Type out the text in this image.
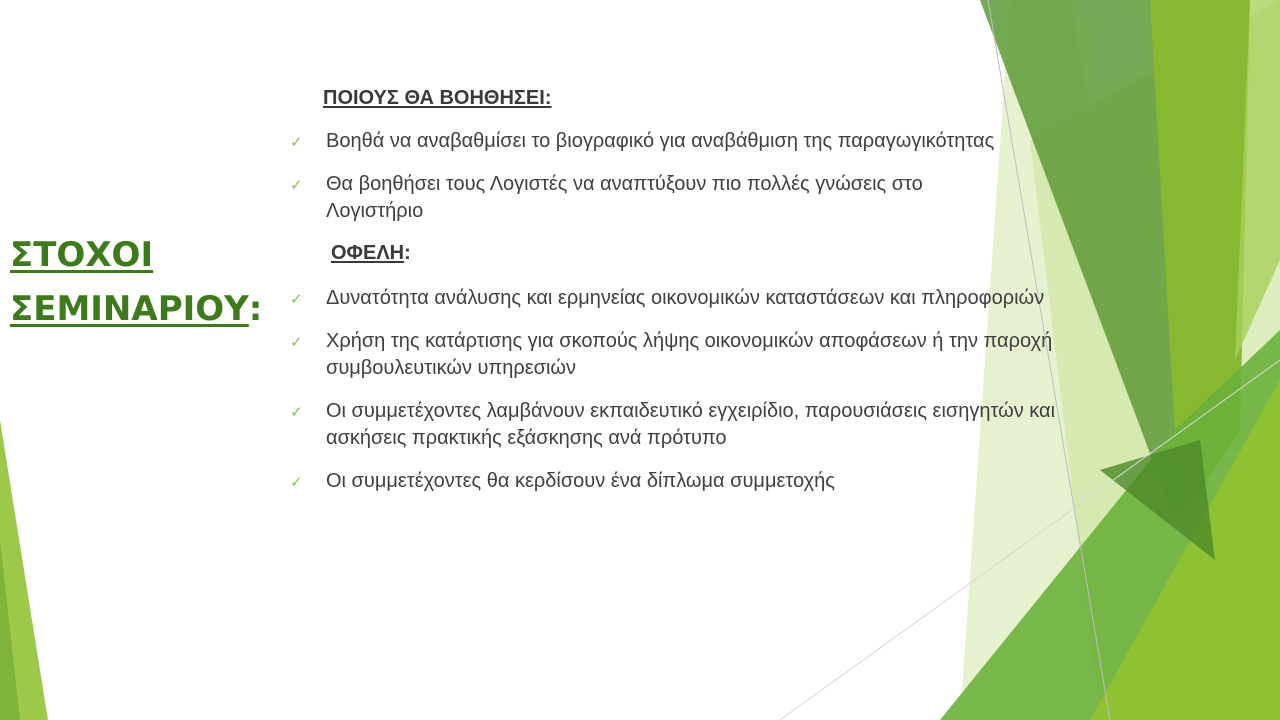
ΣΤΟΧΟΙ
ΣΕΜΙΝΑΡΙΟΥ:
ΠΟΙΟΥΣ ΘΑ ΒΟΗΘΗΣΕΙ:
✓ Βοηθά να αναβαθμίσει το βιογραφικό για αναβάθμιση της παραγωγικότητας
✓ Θα βοηθήσει τους Λογιστές να αναπτύξουν πιο πολλές γνώσεις στο Λογιστήριο
ΟΦΕΛΗ:
✓ Δυνατότητα ανάλυσης και ερμηνείας οικονομικών καταστάσεων και πληροφοριών
✓ Χρήση της κατάρτισης για σκοπούς λήψης οικονομικών αποφάσεων ή την παροχή συμβουλευτικών υπηρεσιών
✓ Οι συμμετέχοντες λαμβάνουν εκπαιδευτικό εγχειρίδιο, παρουσιάσεις εισηγητών και ασκήσεις πρακτικής εξάσκησης ανά πρότυπο
✓ Οι συμμετέχοντες θα κερδίσουν ένα δίπλωμα συμμετοχής
